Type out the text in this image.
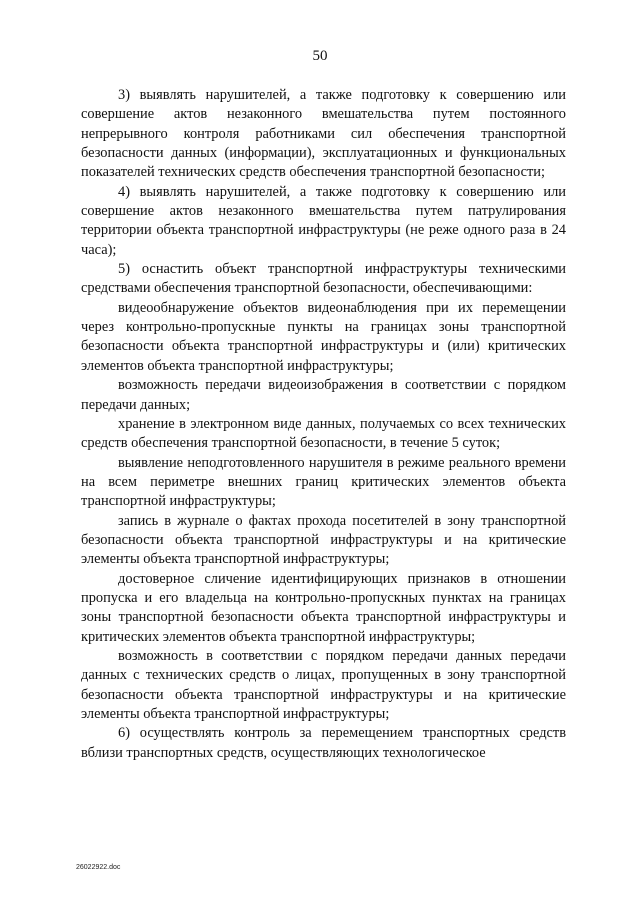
50

3) выявлять нарушителей, а также подготовку к совершению или совершение актов незаконного вмешательства путем постоянного непрерывного контроля работниками сил обеспечения транспортной безопасности данных (информации), эксплуатационных и функциональных показателей технических средств обеспечения транспортной безопасности;

4) выявлять нарушителей, а также подготовку к совершению или совершение актов незаконного вмешательства путем патрулирования территории объекта транспортной инфраструктуры (не реже одного раза в 24 часа);

5) оснастить объект транспортной инфраструктуры техническими средствами обеспечения транспортной безопасности, обеспечивающими:

видеообнаружение объектов видеонаблюдения при их перемещении через контрольно-пропускные пункты на границах зоны транспортной безопасности объекта транспортной инфраструктуры и (или) критических элементов объекта транспортной инфраструктуры;

возможность передачи видеоизображения в соответствии с порядком передачи данных;

хранение в электронном виде данных, получаемых со всех технических средств обеспечения транспортной безопасности, в течение 5 суток;

выявление неподготовленного нарушителя в режиме реального времени на всем периметре внешних границ критических элементов объекта транспортной инфраструктуры;

запись в журнале о фактах прохода посетителей в зону транспортной безопасности объекта транспортной инфраструктуры и на критические элементы объекта транспортной инфраструктуры;

достоверное сличение идентифицирующих признаков в отношении пропуска и его владельца на контрольно-пропускных пунктах на границах зоны транспортной безопасности объекта транспортной инфраструктуры и критических элементов объекта транспортной инфраструктуры;

возможность в соответствии с порядком передачи данных передачи данных с технических средств о лицах, пропущенных в зону транспортной безопасности объекта транспортной инфраструктуры и на критические элементы объекта транспортной инфраструктуры;

6) осуществлять контроль за перемещением транспортных средств вблизи транспортных средств, осуществляющих технологическое

26022922.doc
